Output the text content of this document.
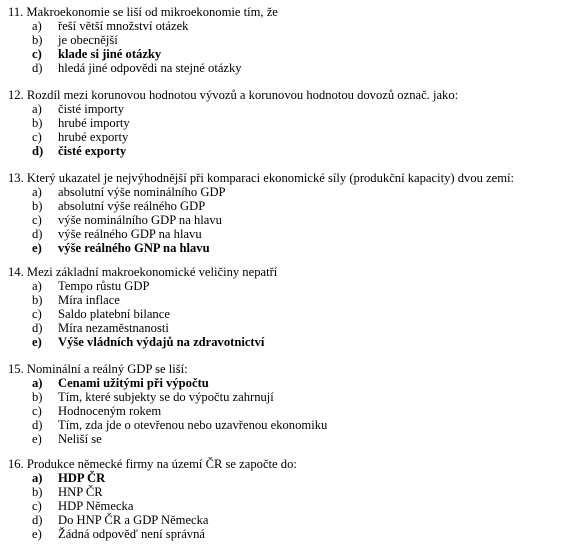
11. Makroekonomie se liší od mikroekonomie tím, že
a) řeší větší množství otázek
b) je obecnější
c) klade si jiné otázky
d) hledá jiné odpovědi na stejné otázky
12. Rozdíl mezi korunovou hodnotou vývozů a korunovou hodnotou dovozů označ. jako:
a) čisté importy
b) hrubé importy
c) hrubé exporty
d) čisté exporty
13. Který ukazatel je nejvýhodnější při komparaci ekonomické síly (produkční kapacity) dvou zemí:
a) absolutní výše nominálního GDP
b) absolutní výše reálného GDP
c) výše nominálního GDP na hlavu
d) výše reálného GDP na hlavu
e) výše reálného GNP na hlavu
14. Mezi základní makroekonomické veličiny nepatří
a) Tempo růstu GDP
b) Míra inflace
c) Saldo platební bilance
d) Míra nezaměstnanosti
e) Výše vládních výdajů na zdravotnictví
15. Nominální a reálný GDP se liší:
a) Cenami užitými při výpočtu
b) Tím, které subjekty se do výpočtu zahrnují
c) Hodnoceným rokem
d) Tím, zda jde o otevřenou nebo uzavřenou ekonomiku
e) Neliší se
16. Produkce německé firmy na území ČR se započte do:
a) HDP ČR
b) HNP ČR
c) HDP Německa
d) Do HNP ČR a GDP Německa
e) Žádná odpověď není správná
